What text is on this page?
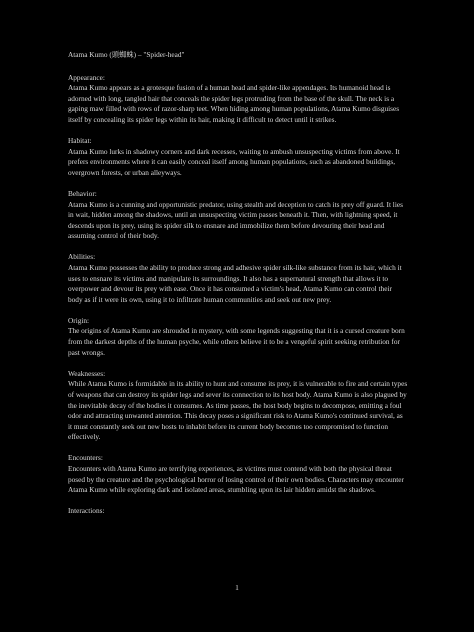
Atama Kumo (頭蜘蛛) – "Spider-head"
Appearance:
Atama Kumo appears as a grotesque fusion of a human head and spider-like appendages. Its humanoid head is adorned with long, tangled hair that conceals the spider legs protruding from the base of the skull. The neck is a gaping maw filled with rows of razor-sharp teet. When hiding among human populations, Atama Kumo disguises itself by concealing its spider legs within its hair, making it difficult to detect until it strikes.
Habitat:
Atama Kumo lurks in shadowy corners and dark recesses, waiting to ambush unsuspecting victims from above. It prefers environments where it can easily conceal itself among human populations, such as abandoned buildings, overgrown forests, or urban alleyways.
Behavior:
Atama Kumo is a cunning and opportunistic predator, using stealth and deception to catch its prey off guard. It lies in wait, hidden among the shadows, until an unsuspecting victim passes beneath it. Then, with lightning speed, it descends upon its prey, using its spider silk to ensnare and immobilize them before devouring their head and assuming control of their body.
Abilities:
Atama Kumo possesses the ability to produce strong and adhesive spider silk-like substance from its hair, which it uses to ensnare its victims and manipulate its surroundings. It also has a supernatural strength that allows it to overpower and devour its prey with ease. Once it has consumed a victim's head, Atama Kumo can control their body as if it were its own, using it to infiltrate human communities and seek out new prey.
Origin:
The origins of Atama Kumo are shrouded in mystery, with some legends suggesting that it is a cursed creature born from the darkest depths of the human psyche, while others believe it to be a vengeful spirit seeking retribution for past wrongs.
Weaknesses:
While Atama Kumo is formidable in its ability to hunt and consume its prey, it is vulnerable to fire and certain types of weapons that can destroy its spider legs and sever its connection to its host body. Atama Kumo is also plagued by the inevitable decay of the bodies it consumes. As time passes, the host body begins to decompose, emitting a foul odor and attracting unwanted attention. This decay poses a significant risk to Atama Kumo's continued survival, as it must constantly seek out new hosts to inhabit before its current body becomes too compromised to function effectively.
Encounters:
Encounters with Atama Kumo are terrifying experiences, as victims must contend with both the physical threat posed by the creature and the psychological horror of losing control of their own bodies. Characters may encounter Atama Kumo while exploring dark and isolated areas, stumbling upon its lair hidden amidst the shadows.
Interactions:
1
